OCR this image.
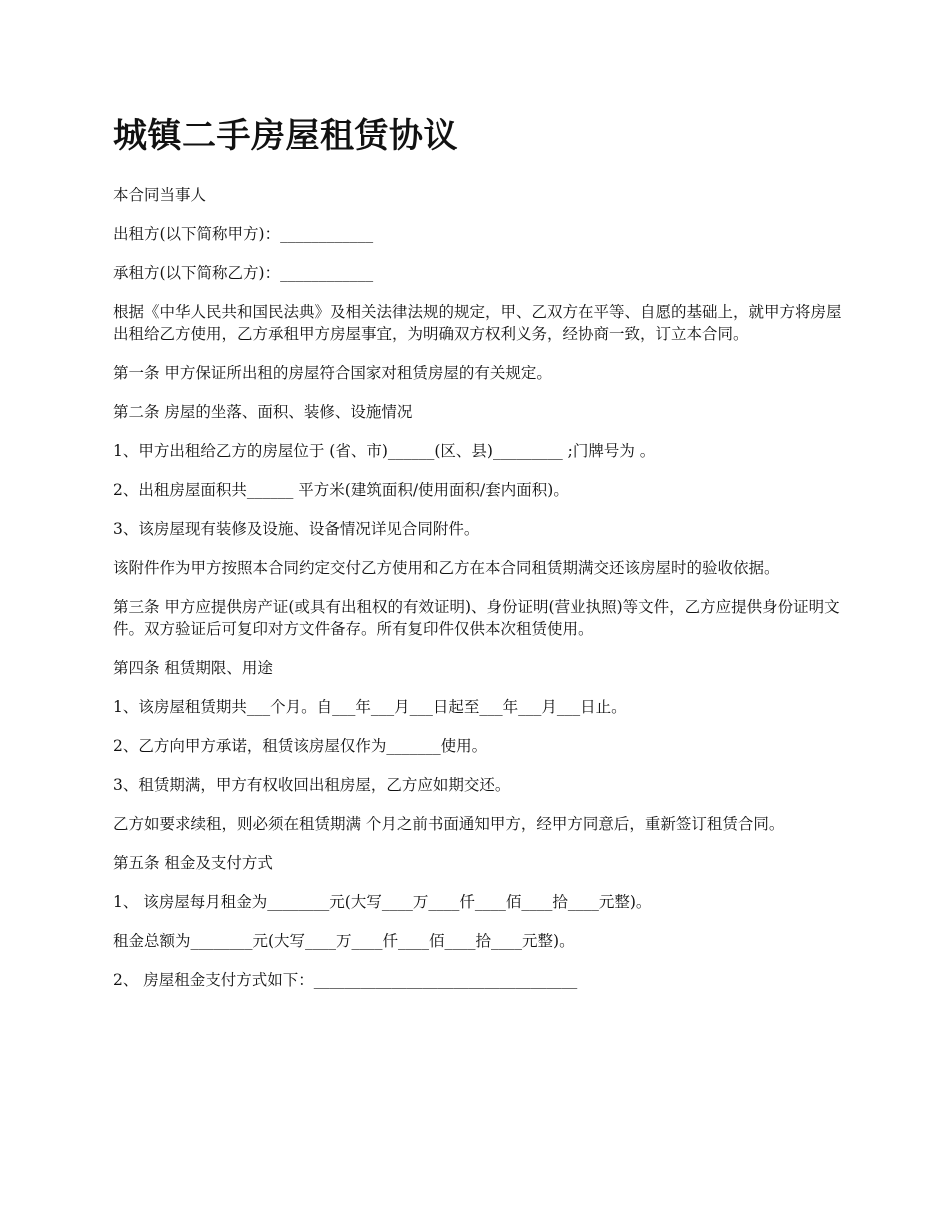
城镇二手房屋租赁协议

本合同当事人

出租方(以下简称甲方)：____________

承租方(以下简称乙方)：____________

根据《中华人民共和国民法典》及相关法律法规的规定，甲、乙双方在平等、自愿的基础上，就甲方将房屋出租给乙方使用，乙方承租甲方房屋事宜，为明确双方权利义务，经协商一致，订立本合同。

第一条 甲方保证所出租的房屋符合国家对租赁房屋的有关规定。

第二条 房屋的坐落、面积、装修、设施情况

1、甲方出租给乙方的房屋位于 (省、市)______(区、县)_________ ;门牌号为 。

2、出租房屋面积共______ 平方米(建筑面积/使用面积/套内面积)。

3、该房屋现有装修及设施、设备情况详见合同附件。

该附件作为甲方按照本合同约定交付乙方使用和乙方在本合同租赁期满交还该房屋时的验收依据。

第三条 甲方应提供房产证(或具有出租权的有效证明)、身份证明(营业执照)等文件，乙方应提供身份证明文件。双方验证后可复印对方文件备存。所有复印件仅供本次租赁使用。

第四条 租赁期限、用途

1、该房屋租赁期共___个月。自___年___月___日起至___年___月___日止。

2、乙方向甲方承诺，租赁该房屋仅作为_______使用。

3、租赁期满，甲方有权收回出租房屋，乙方应如期交还。

乙方如要求续租，则必须在租赁期满 个月之前书面通知甲方，经甲方同意后，重新签订租赁合同。

第五条 租金及支付方式

1、 该房屋每月租金为________元(大写____万____仟____佰____拾____元整)。

租金总额为________元(大写____万____仟____佰____拾____元整)。

2、 房屋租金支付方式如下：__________________________________
